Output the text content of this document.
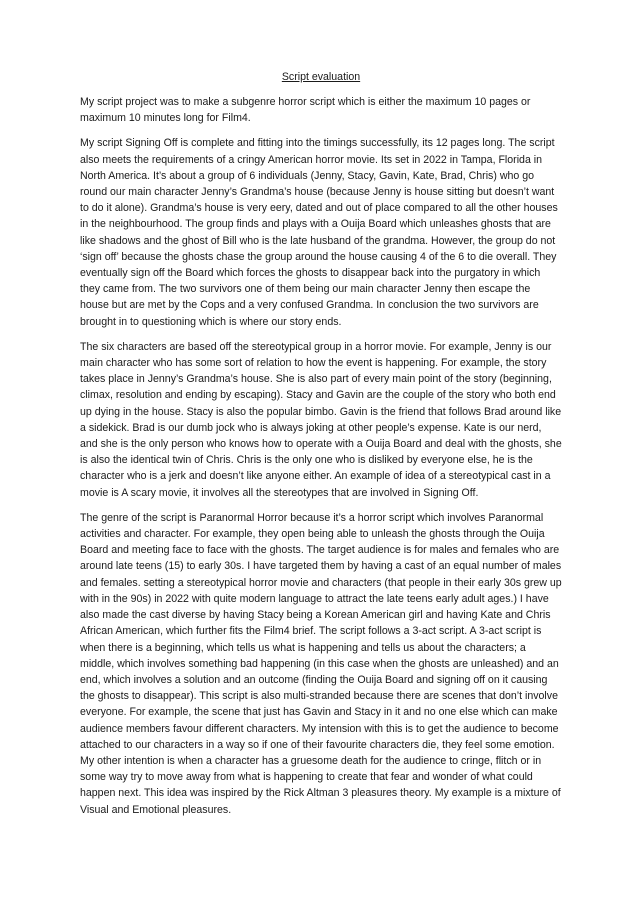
Script evaluation

My script project was to make a subgenre horror script which is either the maximum 10 pages or maximum 10 minutes long for Film4.

My script Signing Off is complete and fitting into the timings successfully, its 12 pages long. The script also meets the requirements of a cringy American horror movie. Its set in 2022 in Tampa, Florida in North America. It’s about a group of 6 individuals (Jenny, Stacy, Gavin, Kate, Brad, Chris) who go round our main character Jenny’s Grandma’s house (because Jenny is house sitting but doesn’t want to do it alone). Grandma’s house is very eery, dated and out of place compared to all the other houses in the neighbourhood. The group finds and plays with a Ouija Board which unleashes ghosts that are like shadows and the ghost of Bill who is the late husband of the grandma. However, the group do not ‘sign off’ because the ghosts chase the group around the house causing 4 of the 6 to die overall. They eventually sign off the Board which forces the ghosts to disappear back into the purgatory in which they came from. The two survivors one of them being our main character Jenny then escape the house but are met by the Cops and a very confused Grandma. In conclusion the two survivors are brought in to questioning which is where our story ends.

The six characters are based off the stereotypical group in a horror movie. For example, Jenny is our main character who has some sort of relation to how the event is happening. For example, the story takes place in Jenny’s Grandma’s house. She is also part of every main point of the story (beginning, climax, resolution and ending by escaping). Stacy and Gavin are the couple of the story who both end up dying in the house. Stacy is also the popular bimbo. Gavin is the friend that follows Brad around like a sidekick. Brad is our dumb jock who is always joking at other people’s expense. Kate is our nerd, and she is the only person who knows how to operate with a Ouija Board and deal with the ghosts, she is also the identical twin of Chris. Chris is the only one who is disliked by everyone else, he is the character who is a jerk and doesn’t like anyone either. An example of idea of a stereotypical cast in a movie is A scary movie, it involves all the stereotypes that are involved in Signing Off.

The genre of the script is Paranormal Horror because it’s a horror script which involves Paranormal activities and character. For example, they open being able to unleash the ghosts through the Ouija Board and meeting face to face with the ghosts. The target audience is for males and females who are around late teens (15) to early 30s. I have targeted them by having a cast of an equal number of males and females. setting a stereotypical horror movie and characters (that people in their early 30s grew up with in the 90s) in 2022 with quite modern language to attract the late teens early adult ages.) I have also made the cast diverse by having Stacy being a Korean American girl and having Kate and Chris African American, which further fits the Film4 brief. The script follows a 3-act script. A 3-act script is when there is a beginning, which tells us what is happening and tells us about the characters; a middle, which involves something bad happening (in this case when the ghosts are unleashed) and an end, which involves a solution and an outcome (finding the Ouija Board and signing off on it causing the ghosts to disappear). This script is also multi-stranded because there are scenes that don’t involve everyone. For example, the scene that just has Gavin and Stacy in it and no one else which can make audience members favour different characters. My intension with this is to get the audience to become attached to our characters in a way so if one of their favourite characters die, they feel some emotion. My other intention is when a character has a gruesome death for the audience to cringe, flitch or in some way try to move away from what is happening to create that fear and wonder of what could happen next. This idea was inspired by the Rick Altman 3 pleasures theory. My example is a mixture of Visual and Emotional pleasures.
